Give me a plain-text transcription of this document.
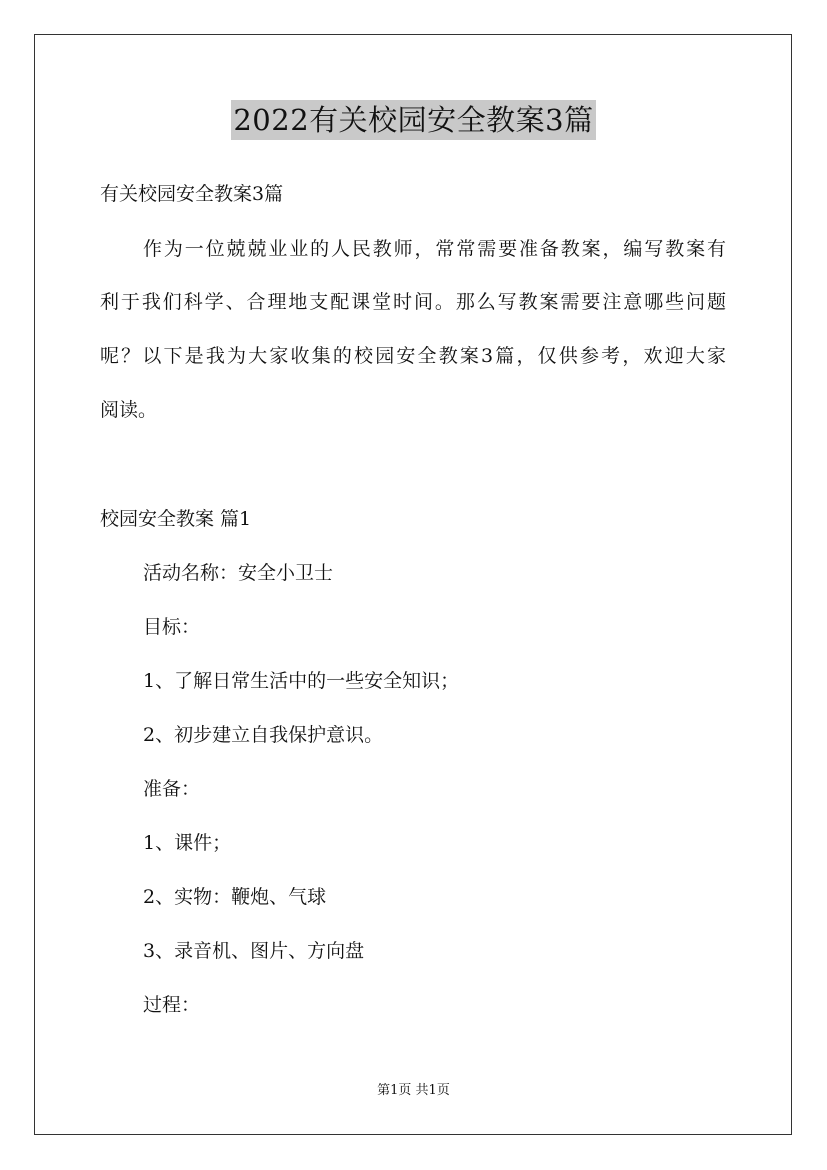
2022有关校园安全教案3篇
有关校园安全教案3篇
作为一位兢兢业业的人民教师，常常需要准备教案，编写教案有
利于我们科学、合理地支配课堂时间。那么写教案需要注意哪些问题
呢？以下是我为大家收集的校园安全教案3篇，仅供参考，欢迎大家
阅读。
校园安全教案 篇1
活动名称：安全小卫士
目标：
1、了解日常生活中的一些安全知识；
2、初步建立自我保护意识。
准备：
1、课件；
2、实物：鞭炮、气球
3、录音机、图片、方向盘
过程：
第1页 共1页
